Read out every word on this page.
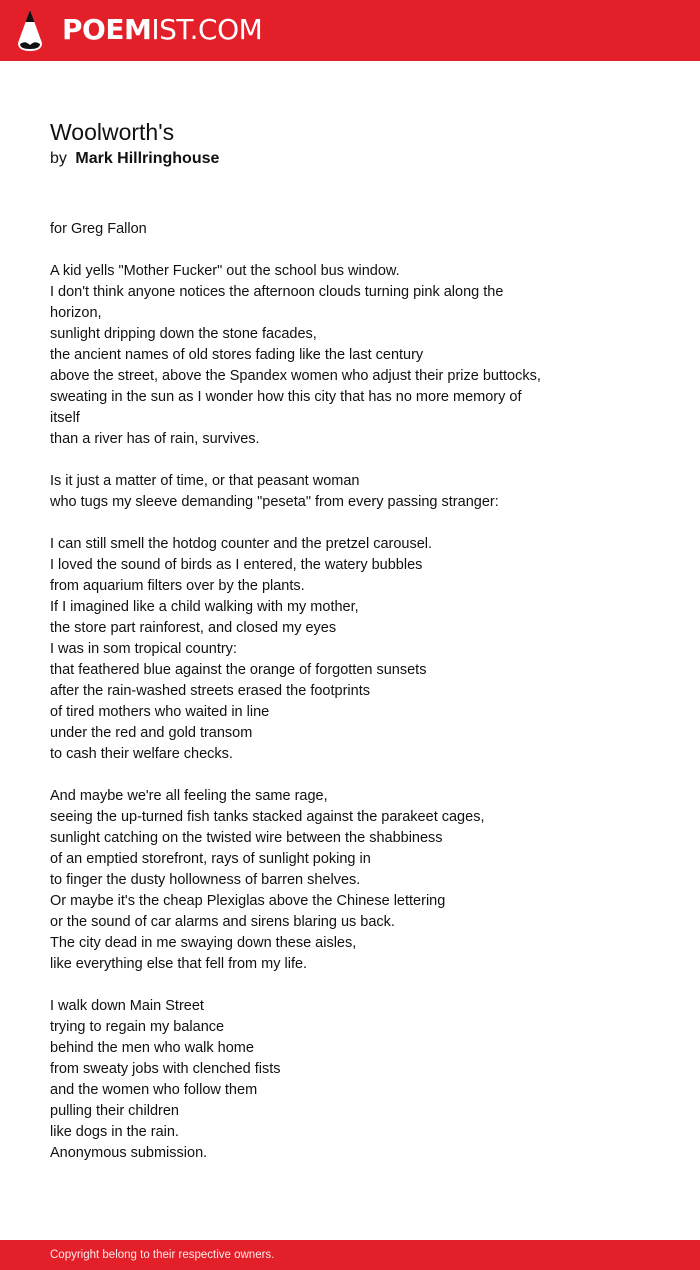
POEMIST.COM
Woolworth's
by Mark Hillringhouse
for Greg Fallon
A kid yells "Mother Fucker" out the school bus window.
I don't think anyone notices the afternoon clouds turning pink along the
horizon,
sunlight dripping down the stone facades,
the ancient names of old stores fading like the last century
above the street, above the Spandex women who adjust their prize buttocks,
sweating in the sun as I wonder how this city that has no more memory of
itself
than a river has of rain, survives.
Is it just a matter of time, or that peasant woman
who tugs my sleeve demanding "peseta" from every passing stranger:
I can still smell the hotdog counter and the pretzel carousel.
I loved the sound of birds as I entered, the watery bubbles
from aquarium filters over by the plants.
If I imagined like a child walking with my mother,
the store part rainforest, and closed my eyes
I was in som tropical country:
that feathered blue against the orange of forgotten sunsets
after the rain-washed streets erased the footprints
of tired mothers who waited in line
under the red and gold transom
to cash their welfare checks.
And maybe we're all feeling the same rage,
seeing the up-turned fish tanks stacked against the parakeet cages,
sunlight catching on the twisted wire between the shabbiness
of an emptied storefront, rays of sunlight poking in
to finger the dusty hollowness of barren shelves.
Or maybe it's the cheap Plexiglas above the Chinese lettering
or the sound of car alarms and sirens blaring us back.
The city dead in me swaying down these aisles,
like everything else that fell from my life.
I walk down Main Street
trying to regain my balance
behind the men who walk home
from sweaty jobs with clenched fists
and the women who follow them
pulling their children
like dogs in the rain.
Anonymous submission.
Copyright belong to their respective owners.
